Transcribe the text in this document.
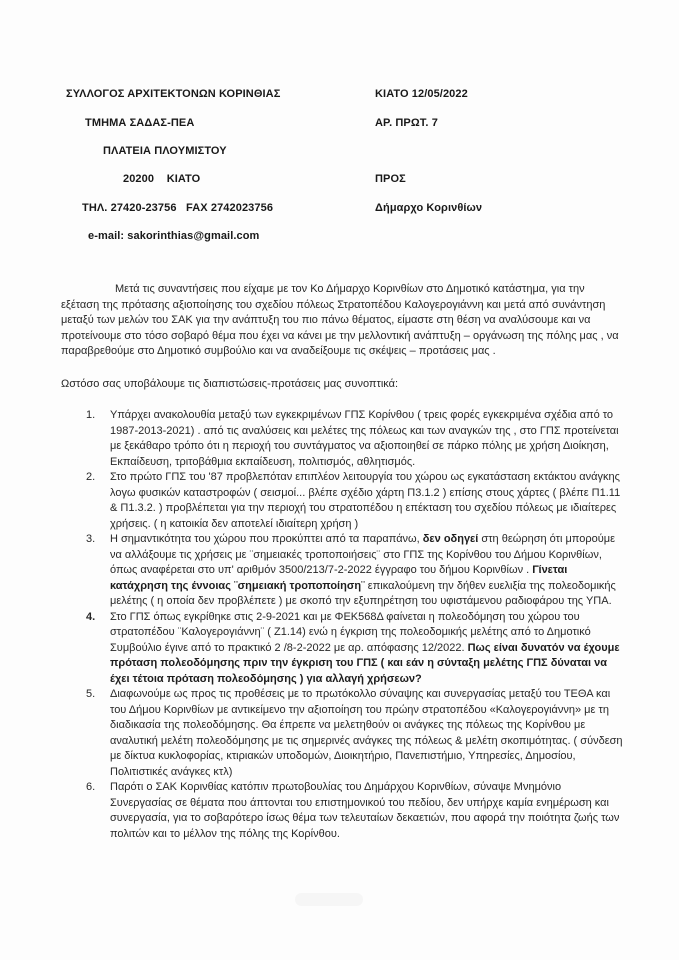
ΣΥΛΛΟΓΟΣ ΑΡΧΙΤΕΚΤΟΝΩΝ ΚΟΡΙΝΘΙΑΣ
ΤΜΗΜΑ ΣΑΔΑΣ-ΠΕΑ
ΠΛΑΤΕΙΑ ΠΛΟΥΜΙΣΤΟΥ
20200    ΚΙΑΤΟ
ΤΗΛ. 27420-23756   FAX 2742023756
e-mail: sakorinthias@gmail.com
ΚΙΑΤΟ 12/05/2022
ΑΡ. ΠΡΩΤ. 7
ΠΡΟΣ
Δήμαρχο Κορινθίων

Μετά τις συναντήσεις που είχαμε με τον Κο Δήμαρχο Κορινθίων στο Δημοτικό κατάστημα, για την εξέταση της πρότασης αξιοποίησης του σχεδίου πόλεως Στρατοπέδου Καλογερογιάννη και μετά από συνάντηση μεταξύ των μελών του ΣΑΚ για την ανάπτυξη του πιο πάνω θέματος, είμαστε στη θέση να αναλύσουμε και να προτείνουμε στο τόσο σοβαρό θέμα που έχει να κάνει με την μελλοντική ανάπτυξη – οργάνωση της πόλης μας , να παραβρεθούμε στο Δημοτικό συμβούλιο και να αναδείξουμε τις σκέψεις – προτάσεις μας .

Ωστόσο σας υποβάλουμε τις διαπιστώσεις-προτάσεις μας συνοπτικά:

1.	Υπάρχει ανακολουθία μεταξύ των εγκεκριμένων ΓΠΣ Κορίνθου ( τρεις φορές εγκεκριμένα σχέδια από το 1987-2013-2021) . από τις αναλύσεις και μελέτες της πόλεως και των αναγκών της , στο ΓΠΣ προτείνεται με ξεκάθαρο τρόπο ότι η περιοχή του συντάγματος να αξιοποιηθεί σε πάρκο πόλης με χρήση Διοίκηση, Εκπαίδευση, τριτοβάθμια εκπαίδευση, πολιτισμός, αθλητισμός.
2.	Στο πρώτο ΓΠΣ του '87 προβλεπόταν επιπλέον λειτουργία του χώρου ως εγκατάσταση εκτάκτου ανάγκης λογω φυσικών καταστροφών ( σεισμοί... βλέπε σχέδιο χάρτη Π3.1.2 ) επίσης στους χάρτες ( βλέπε Π1.11 & Π1.3.2. ) προβλέπεται για την περιοχή του στρατοπέδου η επέκταση του σχεδίου πόλεως με ιδιαίτερες χρήσεις. ( η κατοικία δεν αποτελεί ιδιαίτερη χρήση )
3.	Η σημαντικότητα του χώρου που προκύπτει από τα παραπάνω, δεν οδηγεί στη θεώρηση ότι μπορούμε να αλλάξουμε τις χρήσεις με ¨σημειακές τροποποιήσεις¨ στο ΓΠΣ της Κορίνθου του Δήμου Κορινθίων, όπως αναφέρεται στο υπ' αριθμόν 3500/213/7-2-2022 έγγραφο του δήμου Κορινθίων . Γίνεται κατάχρηση της έννοιας ¨σημειακή τροποποίηση¨ επικαλούμενη την δήθεν ευελιξία της πολεοδομικής μελέτης ( η οποία δεν προβλέπετε ) με σκοπό την εξυπηρέτηση του υφιστάμενου ραδιοφάρου της ΥΠΑ.
4.	Στο ΓΠΣ όπως εγκρίθηκε στις 2-9-2021 και με ΦΕΚ568Δ φαίνεται η πολεοδόμηση του χώρου του στρατοπέδου ¨Καλογερογιάννη¨ ( Ζ1.14) ενώ η έγκριση της πολεοδομικής μελέτης από το Δημοτικό Συμβούλιο έγινε από το πρακτικό 2 /8-2-2022 με αρ. απόφασης 12/2022. Πως είναι δυνατόν να έχουμε πρόταση πολεοδόμησης πριν την έγκριση του ΓΠΣ ( και εάν η σύνταξη μελέτης ΓΠΣ δύναται να έχει τέτοια πρόταση πολεοδόμησης ) για αλλαγή χρήσεων?
5.	Διαφωνούμε ως προς τις προθέσεις με το πρωτόκολλο σύναψης και συνεργασίας μεταξύ του ΤΕΘΑ και του Δήμου Κορινθίων με αντικείμενο την αξιοποίηση του πρώην στρατοπέδου «Καλογερογιάννη» με τη διαδικασία της πολεοδόμησης. Θα έπρεπε να μελετηθούν οι ανάγκες της πόλεως της Κορίνθου με αναλυτική μελέτη πολεοδόμησης με τις σημερινές ανάγκες της πόλεως & μελέτη σκοπιμότητας. ( σύνδεση με δίκτυα κυκλοφορίας, κτιριακών υποδομών, Διοικητήριο, Πανεπιστήμιο, Υπηρεσίες, Δημοσίου, Πολιτιστικές ανάγκες κτλ)
6.	Παρότι ο ΣΑΚ Κορινθίας κατόπιν πρωτοβουλίας του Δημάρχου Κορινθίων, σύναψε Μνημόνιο Συνεργασίας σε θέματα που άπτονται του επιστημονικού του πεδίου, δεν υπήρχε καμία ενημέρωση και συνεργασία, για το σοβαρότερο ίσως θέμα των τελευταίων δεκαετιών, που αφορά την ποιότητα ζωής των πολιτών και το μέλλον της πόλης της Κορίνθου.
